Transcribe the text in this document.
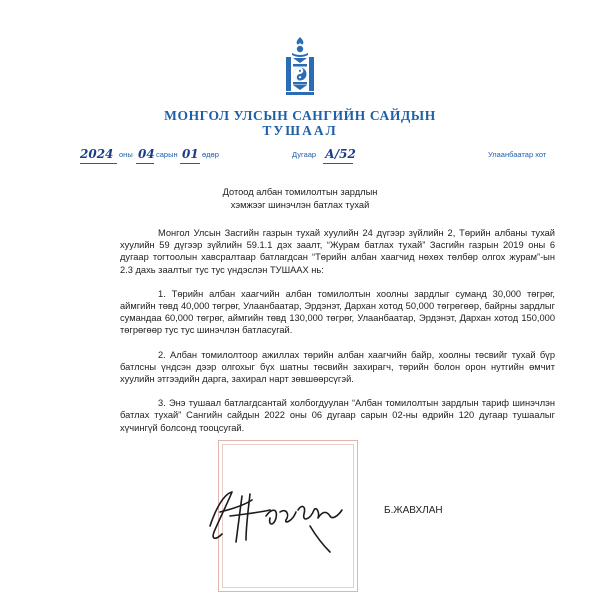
МОНГОЛ УЛСЫН САНГИЙН САЙДЫН
ТУШААЛ
2024 оны 04 сарын 01 өдөр	Дугаар А/52	Улаанбаатар хот
Дотоод албан томилолтын зардлын
хэмжээг шинэчлэн батлах тухай

Монгол Улсын Засгийн газрын тухай хуулийн 24 дүгээр зүйлийн 2, Төрийн албаны тухай хуулийн 59 дүгээр зүйлийн 59.1.1 дэх заалт, “Журам батлах тухай” Засгийн газрын 2019 оны 6 дугаар тогтоолын хавсралтаар батлагдсан “Төрийн албан хаагчид нөхөх төлбөр олгох журам”-ын 2.3 дахь заалтыг тус тус үндэслэн ТУШААХ нь:

1. Төрийн албан хаагчийн албан томилолтын хоолны зардлыг суманд 30,000 төгрөг, аймгийн төвд 40,000 төгрөг, Улаанбаатар, Эрдэнэт, Дархан хотод 50,000 төгрөгөөр, байрны зардлыг сумандаа 60,000 төгрөг, аймгийн төвд 130,000 төгрөг, Улаанбаатар, Эрдэнэт, Дархан хотод 150,000 төгрөгөөр тус тус шинэчлэн батласугай.

2. Албан томилолтоор ажиллах төрийн албан хаагчийн байр, хоолны төсвийг тухай бүр батлсны үндсэн дээр олгохыг бүх шатны төсвийн захирагч, төрийн болон орон нутгийн өмчит хуулийн этгээдийн дарга, захирал нарт зөвшөөрсүгэй.

3. Энэ тушаал батлагдсантай холбогдуулан “Албан томилолтын зардлын тариф шинэчлэн батлах тухай” Сангийн сайдын 2022 оны 06 дугаар сарын 02-ны өдрийн 120 дугаар тушаалыг хүчингүй болсонд тооцсугай.

Б.ЖАВХЛАН
